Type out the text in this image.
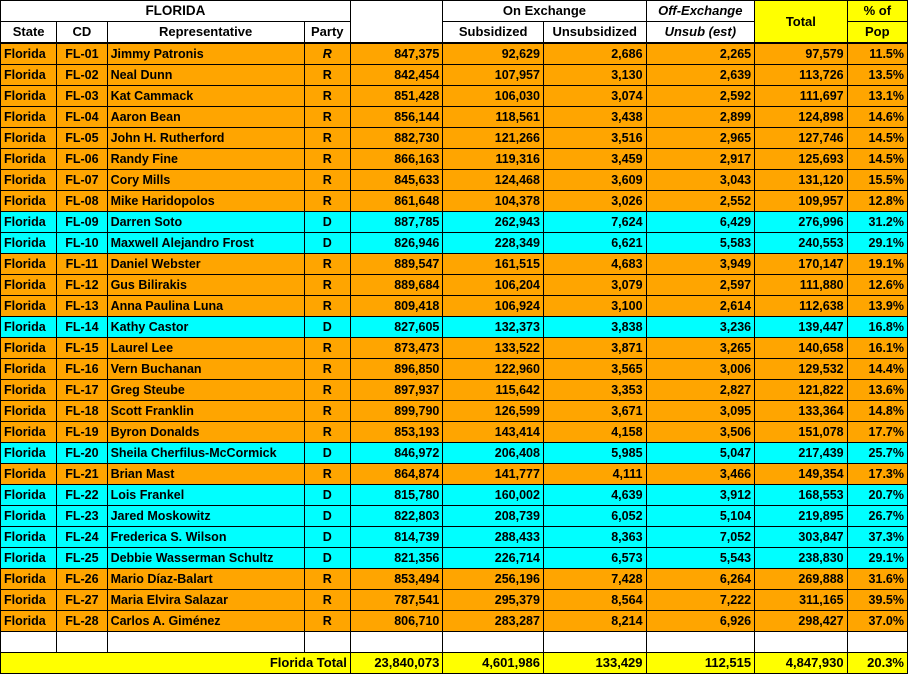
FLORIDA					On Exchange		Off-Exchange	Total	% of
State	CD	Representative	Party		Subsidized	Unsubsidized	Unsub (est)		Pop
Florida	FL-01	Jimmy Patronis	R	847,375	92,629	2,686	2,265	97,579	11.5%
Florida	FL-02	Neal Dunn	R	842,454	107,957	3,130	2,639	113,726	13.5%
Florida	FL-03	Kat Cammack	R	851,428	106,030	3,074	2,592	111,697	13.1%
Florida	FL-04	Aaron Bean	R	856,144	118,561	3,438	2,899	124,898	14.6%
Florida	FL-05	John H. Rutherford	R	882,730	121,266	3,516	2,965	127,746	14.5%
Florida	FL-06	Randy Fine	R	866,163	119,316	3,459	2,917	125,693	14.5%
Florida	FL-07	Cory Mills	R	845,633	124,468	3,609	3,043	131,120	15.5%
Florida	FL-08	Mike Haridopolos	R	861,648	104,378	3,026	2,552	109,957	12.8%
Florida	FL-09	Darren Soto	D	887,785	262,943	7,624	6,429	276,996	31.2%
Florida	FL-10	Maxwell Alejandro Frost	D	826,946	228,349	6,621	5,583	240,553	29.1%
Florida	FL-11	Daniel Webster	R	889,547	161,515	4,683	3,949	170,147	19.1%
Florida	FL-12	Gus Bilirakis	R	889,684	106,204	3,079	2,597	111,880	12.6%
Florida	FL-13	Anna Paulina Luna	R	809,418	106,924	3,100	2,614	112,638	13.9%
Florida	FL-14	Kathy Castor	D	827,605	132,373	3,838	3,236	139,447	16.8%
Florida	FL-15	Laurel Lee	R	873,473	133,522	3,871	3,265	140,658	16.1%
Florida	FL-16	Vern Buchanan	R	896,850	122,960	3,565	3,006	129,532	14.4%
Florida	FL-17	Greg Steube	R	897,937	115,642	3,353	2,827	121,822	13.6%
Florida	FL-18	Scott Franklin	R	899,790	126,599	3,671	3,095	133,364	14.8%
Florida	FL-19	Byron Donalds	R	853,193	143,414	4,158	3,506	151,078	17.7%
Florida	FL-20	Sheila Cherfilus-McCormick	D	846,972	206,408	5,985	5,047	217,439	25.7%
Florida	FL-21	Brian Mast	R	864,874	141,777	4,111	3,466	149,354	17.3%
Florida	FL-22	Lois Frankel	D	815,780	160,002	4,639	3,912	168,553	20.7%
Florida	FL-23	Jared Moskowitz	D	822,803	208,739	6,052	5,104	219,895	26.7%
Florida	FL-24	Frederica S. Wilson	D	814,739	288,433	8,363	7,052	303,847	37.3%
Florida	FL-25	Debbie Wasserman Schultz	D	821,356	226,714	6,573	5,543	238,830	29.1%
Florida	FL-26	Mario Díaz-Balart	R	853,494	256,196	7,428	6,264	269,888	31.6%
Florida	FL-27	Maria Elvira Salazar	R	787,541	295,379	8,564	7,222	311,165	39.5%
Florida	FL-28	Carlos A. Giménez	R	806,710	283,287	8,214	6,926	298,427	37.0%

Florida Total				23,840,073	4,601,986	133,429	112,515	4,847,930	20.3%
